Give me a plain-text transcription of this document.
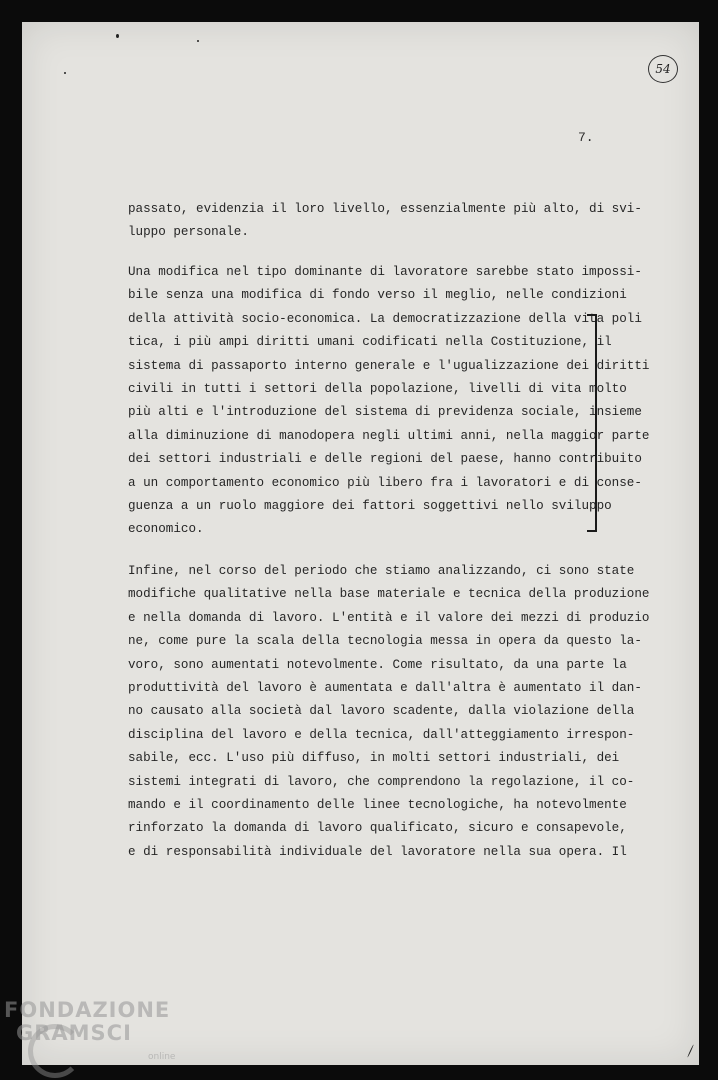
54
7.
passato, evidenzia il loro livello, essenzialmente più alto, di svi-
luppo personale.
Una modifica nel tipo dominante di lavoratore sarebbe stato impossi-
bile senza una modifica di fondo verso il meglio, nelle condizioni
della attività socio-economica. La democratizzazione della vita poli
tica, i più ampi diritti umani codificati nella Costituzione, il
sistema di passaporto interno generale e l'ugualizzazione dei diritti
civili in tutti i settori della popolazione, livelli di vita molto
più alti e l'introduzione del sistema di previdenza sociale, insieme
alla diminuzione di manodopera negli ultimi anni, nella maggior parte
dei settori industriali e delle regioni del paese, hanno contribuito
a un comportamento economico più libero fra i lavoratori e di conse-
guenza a un ruolo maggiore dei fattori soggettivi nello sviluppo
economico.
Infine, nel corso del periodo che stiamo analizzando, ci sono state
modifiche qualitative nella base materiale e tecnica della produzione
e nella domanda di lavoro. L'entità e il valore dei mezzi di produzio
ne, come pure la scala della tecnologia messa in opera da questo la-
voro, sono aumentati notevolmente. Come risultato, da una parte la
produttività del lavoro è aumentata e dall'altra è aumentato il dan-
no causato alla società dal lavoro scadente, dalla violazione della
disciplina del lavoro e della tecnica, dall'atteggiamento irrespon-
sabile, ecc. L'uso più diffuso, in molti settori industriali, dei
sistemi integrati di lavoro, che comprendono la regolazione, il co-
mando e il coordinamento delle linee tecnologiche, ha notevolmente
rinforzato la domanda di lavoro qualificato, sicuro e consapevole,
e di responsabilità individuale del lavoratore nella sua opera. Il
FONDAZIONE
GRAMSCI
online
